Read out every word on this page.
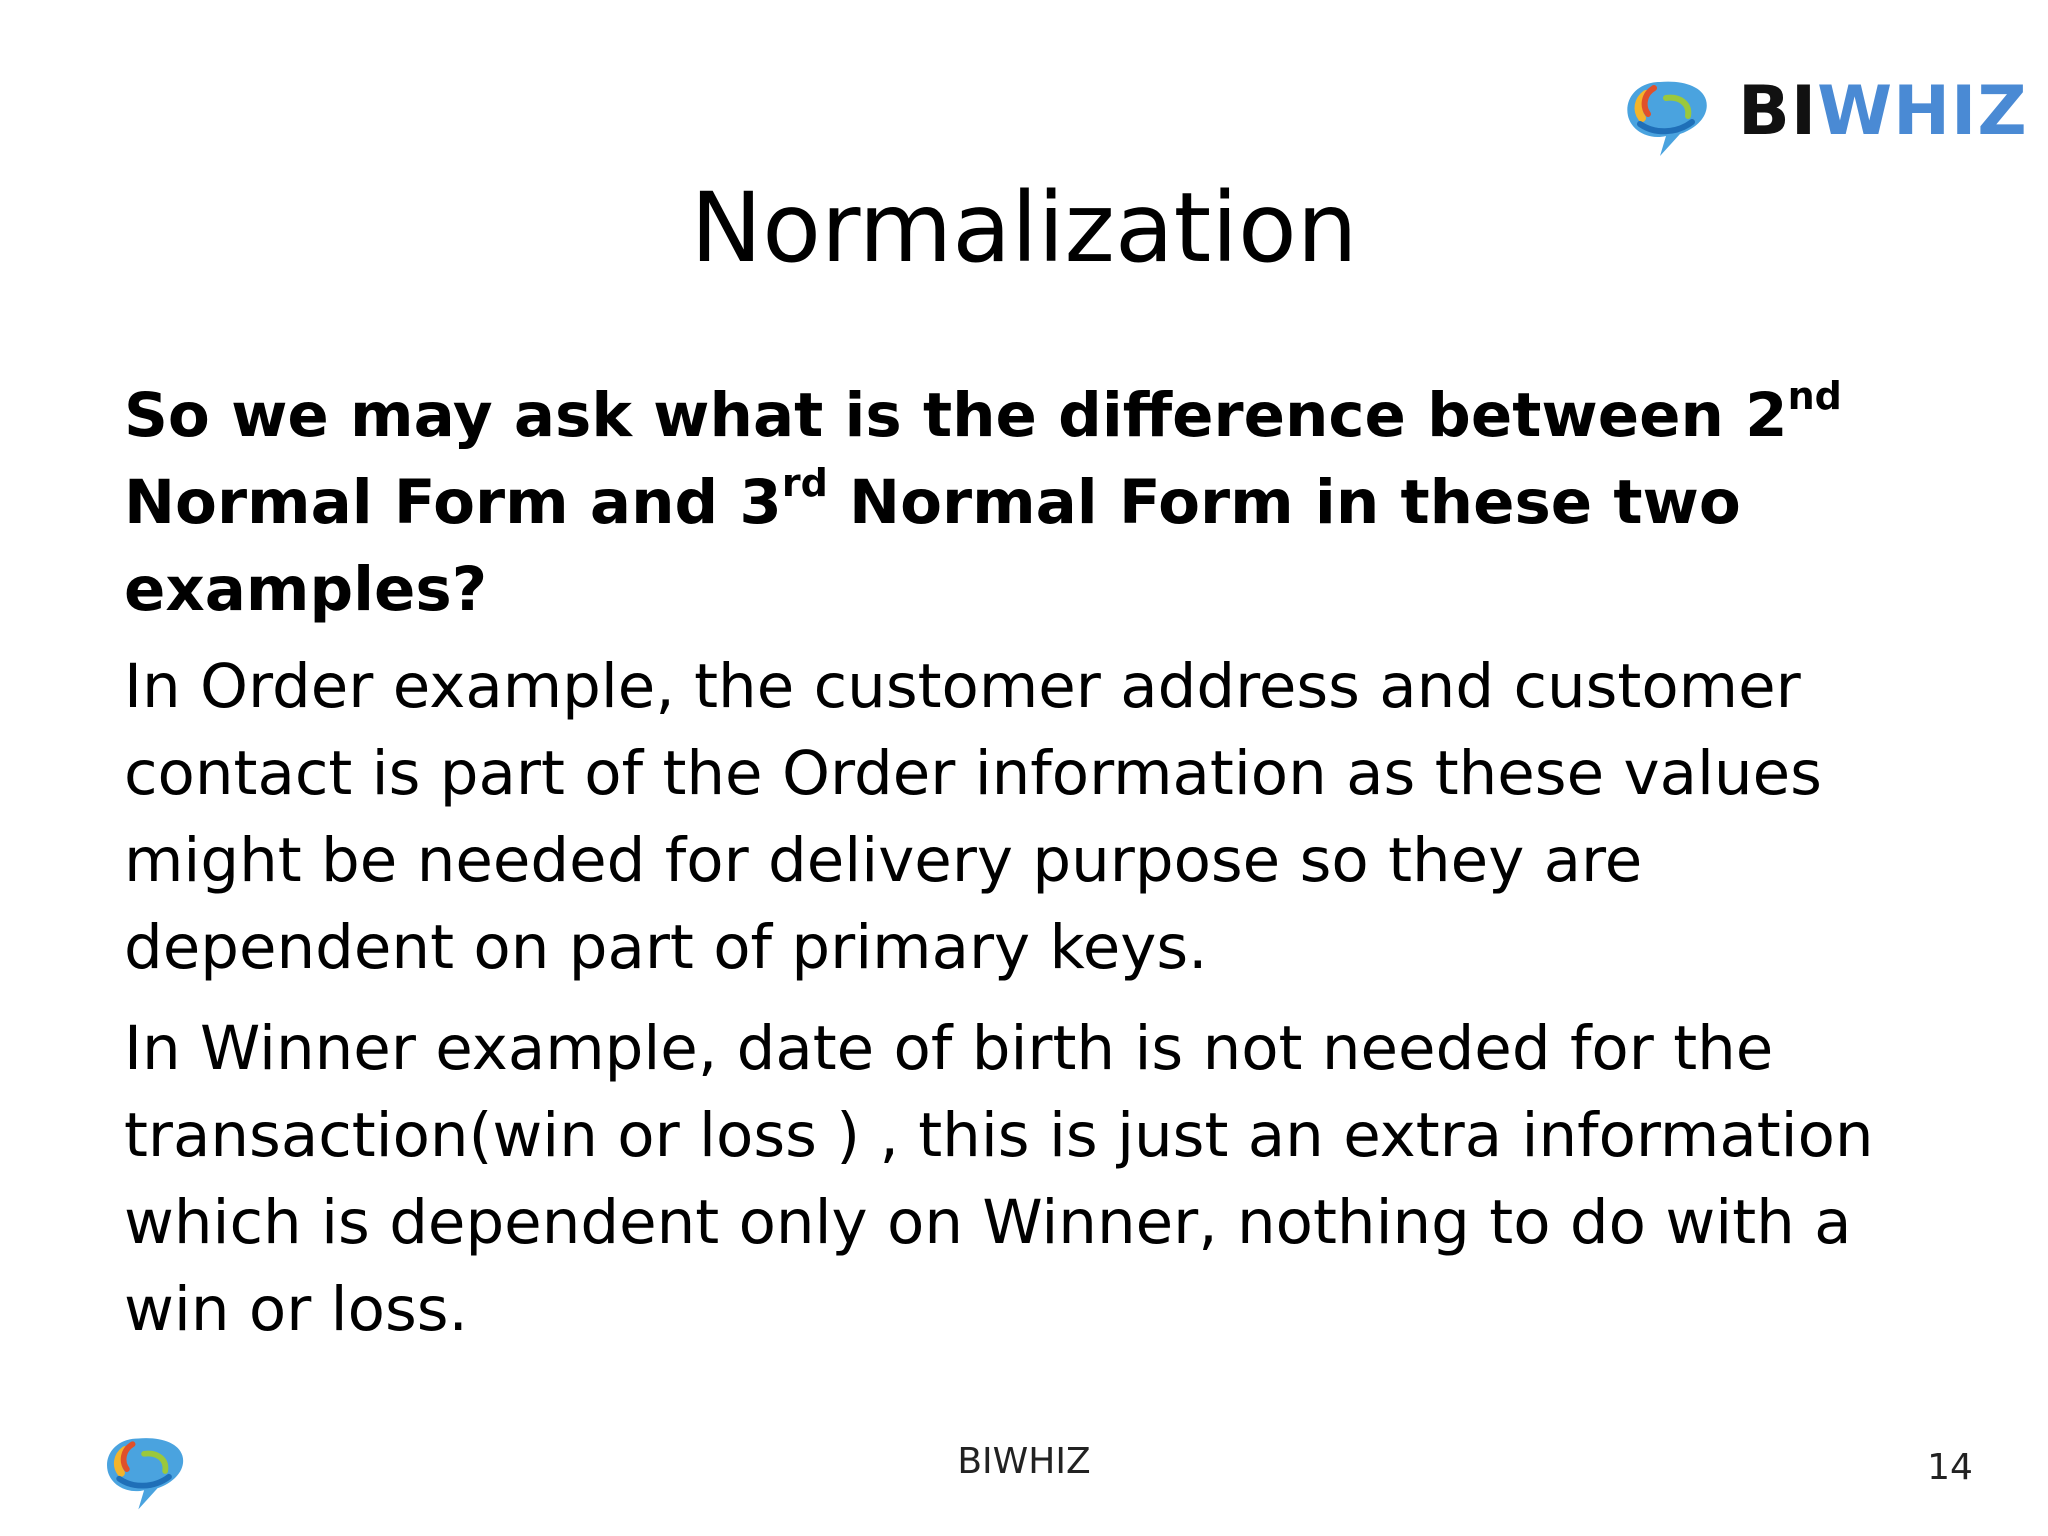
BIWHIZ
Normalization

So we may ask what is the difference between 2nd Normal Form and 3rd Normal Form in these two examples?

In Order example, the customer address and customer contact is part of the Order information as these values might be needed for delivery purpose so they are dependent on part of primary keys.

In Winner example, date of birth is not needed for the transaction(win or loss ) , this is just an extra information which is dependent only on Winner, nothing to do with a win or loss.

BIWHIZ	14
